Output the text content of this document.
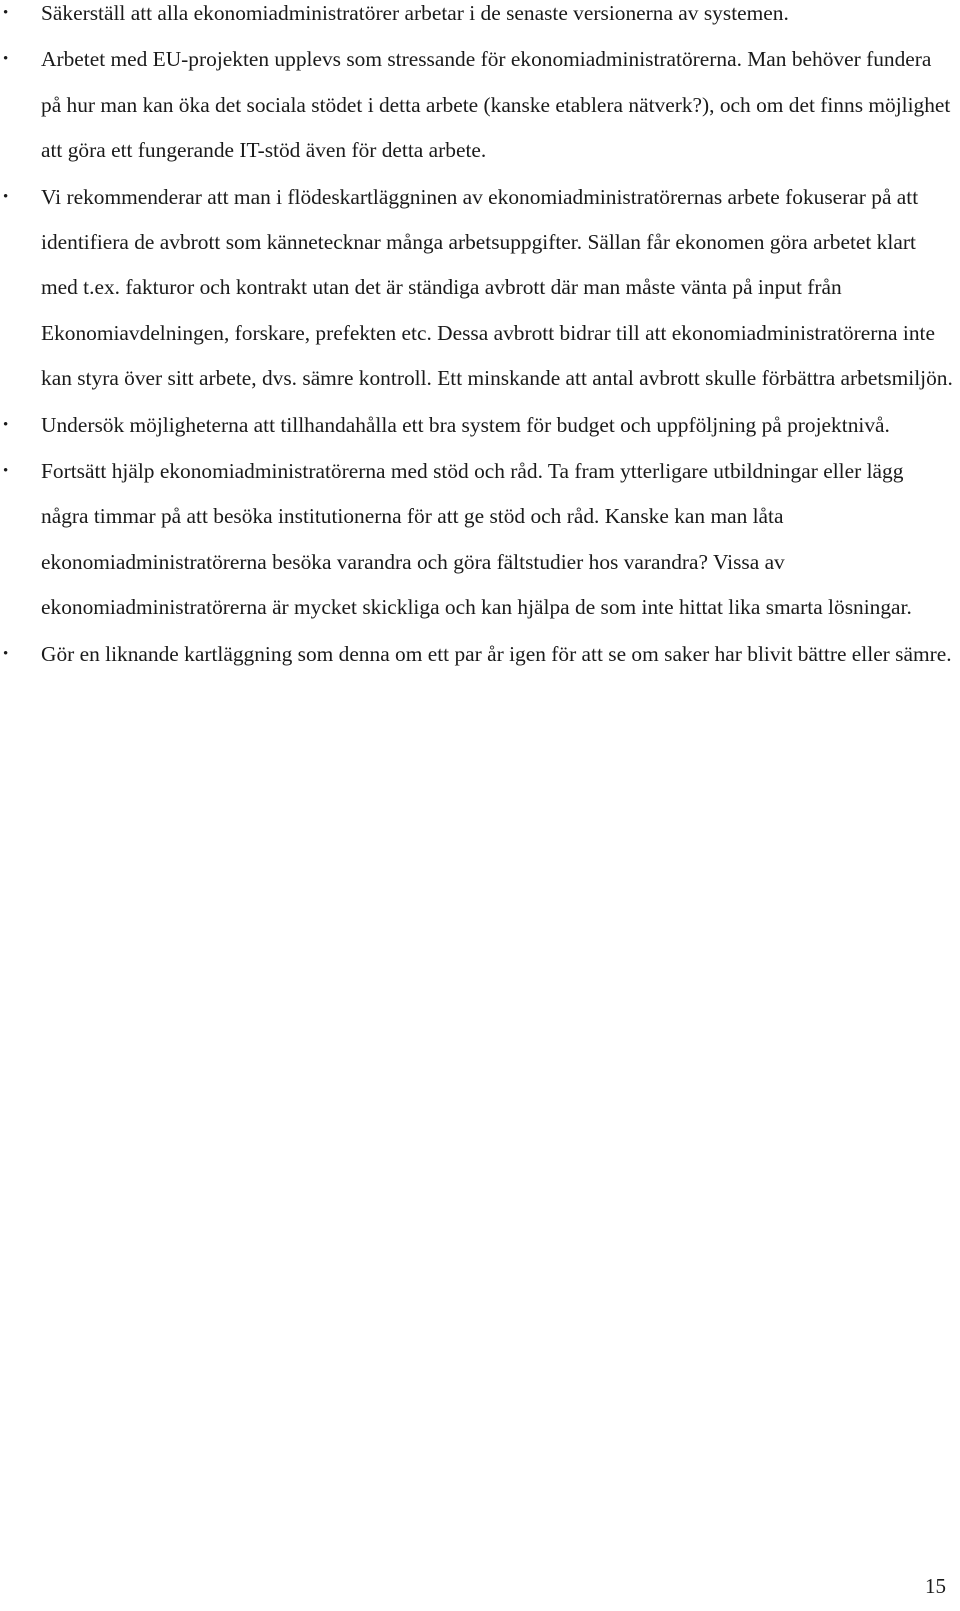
• Säkerställ att alla ekonomiadministratörer arbetar i de senaste versionerna av systemen.
• Arbetet med EU-projekten upplevs som stressande för ekonomiadministratörerna. Man behöver fundera på hur man kan öka det sociala stödet i detta arbete (kanske etablera nätverk?), och om det finns möjlighet att göra ett fungerande IT-stöd även för detta arbete.
• Vi rekommenderar att man i flödeskartläggninen av ekonomiadministratörernas arbete fokuserar på att identifiera de avbrott som kännetecknar många arbetsuppgifter. Sällan får ekonomen göra arbetet klart med t.ex. fakturor och kontrakt utan det är ständiga avbrott där man måste vänta på input från Ekonomiavdelningen, forskare, prefekten etc. Dessa avbrott bidrar till att ekonomiadministratörerna inte kan styra över sitt arbete, dvs. sämre kontroll. Ett minskande att antal avbrott skulle förbättra arbetsmiljön.
• Undersök möjligheterna att tillhandahålla ett bra system för budget och uppföljning på projektnivå.
• Fortsätt hjälp ekonomiadministratörerna med stöd och råd. Ta fram ytterligare utbildningar eller lägg några timmar på att besöka institutionerna för att ge stöd och råd. Kanske kan man låta ekonomiadministratörerna besöka varandra och göra fältstudier hos varandra? Vissa av ekonomiadministratörerna är mycket skickliga och kan hjälpa de som inte hittat lika smarta lösningar.
• Gör en liknande kartläggning som denna om ett par år igen för att se om saker har blivit bättre eller sämre.
15
